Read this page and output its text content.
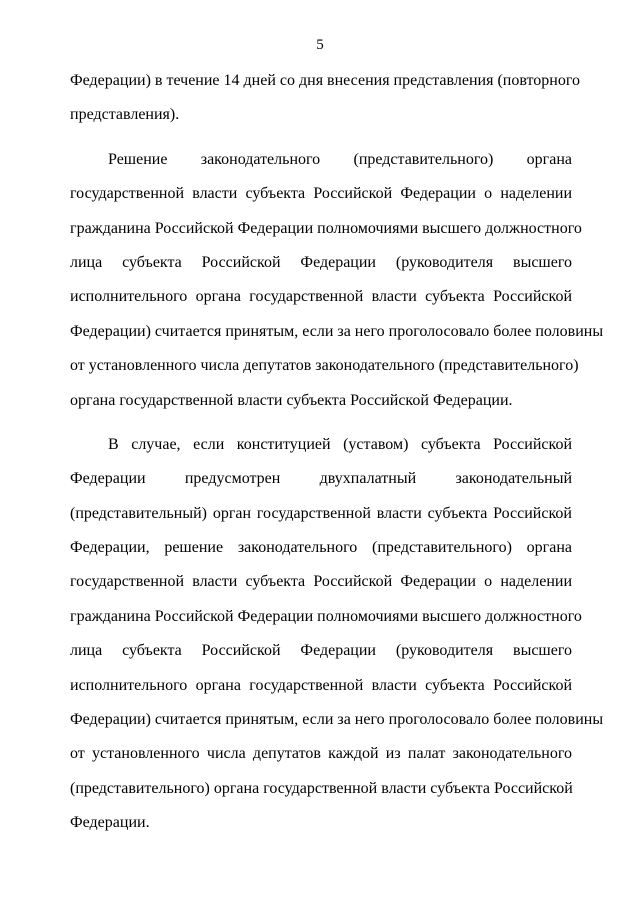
5
Федерации) в течение 14 дней со дня внесения представления (повторного
представления).
Решение законодательного (представительного) органа
государственной власти субъекта Российской Федерации о наделении
гражданина Российской Федерации полномочиями высшего должностного
лица субъекта Российской Федерации (руководителя высшего
исполнительного органа государственной власти субъекта Российской
Федерации) считается принятым, если за него проголосовало более половины
от установленного числа депутатов законодательного (представительного)
органа государственной власти субъекта Российской Федерации.
В случае, если конституцией (уставом) субъекта Российской
Федерации предусмотрен двухпалатный законодательный
(представительный) орган государственной власти субъекта Российской
Федерации, решение законодательного (представительного) органа
государственной власти субъекта Российской Федерации о наделении
гражданина Российской Федерации полномочиями высшего должностного
лица субъекта Российской Федерации (руководителя высшего
исполнительного органа государственной власти субъекта Российской
Федерации) считается принятым, если за него проголосовало более половины
от установленного числа депутатов каждой из палат законодательного
(представительного) органа государственной власти субъекта Российской
Федерации.
